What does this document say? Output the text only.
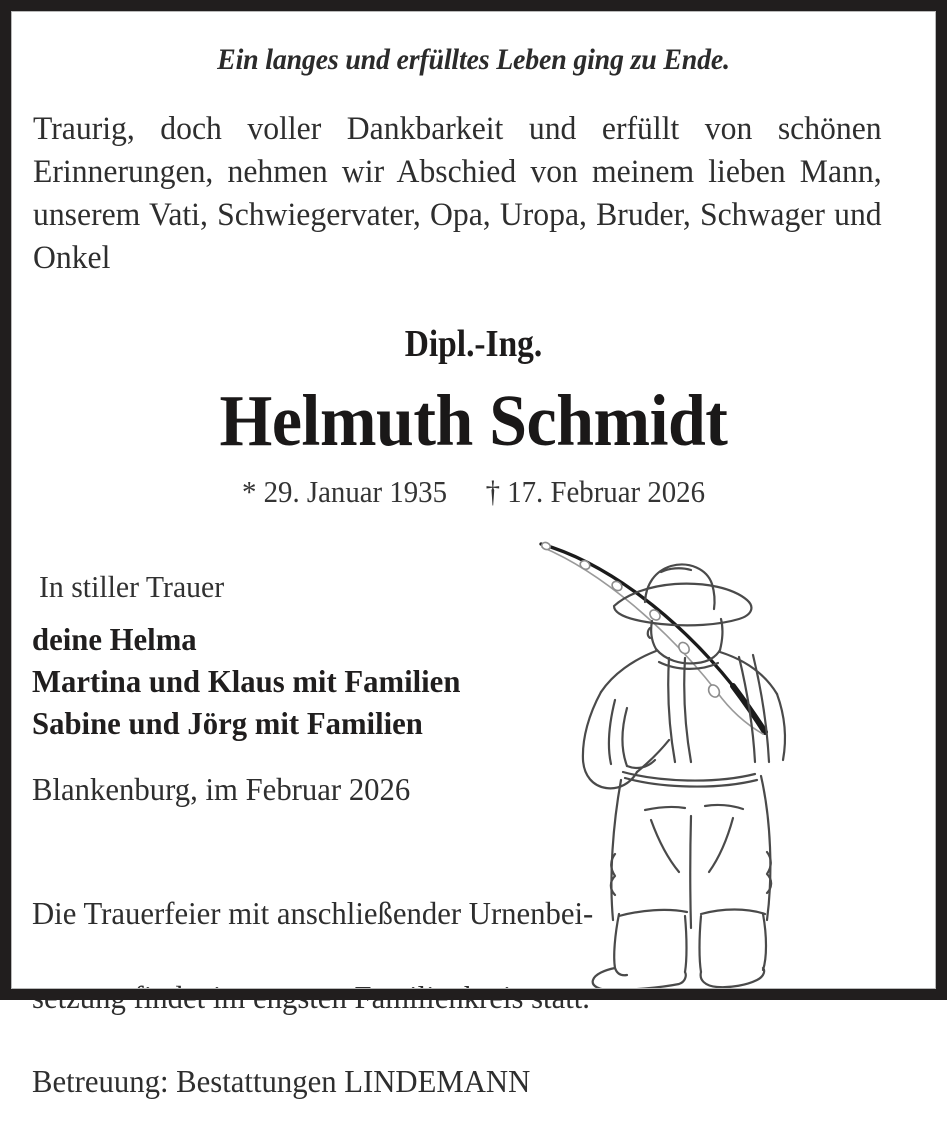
Ein langes und erfülltes Leben ging zu Ende.
Traurig, doch voller Dankbarkeit und erfüllt von schönen Erinnerungen, nehmen wir Abschied von meinem lieben Mann, unserem Vati, Schwiegervater, Opa, Uropa, Bruder, Schwager und Onkel
Dipl.-Ing.
Helmuth Schmidt
* 29. Januar 1935 † 17. Februar 2026
In stiller Trauer
deine Helma
Martina und Klaus mit Familien
Sabine und Jörg mit Familien
Blankenburg, im Februar 2026

Die Trauerfeier mit anschließender Urnenbei-

setzung findet im engsten Familienkreis statt.

Betreuung: Bestattungen LINDEMANN
